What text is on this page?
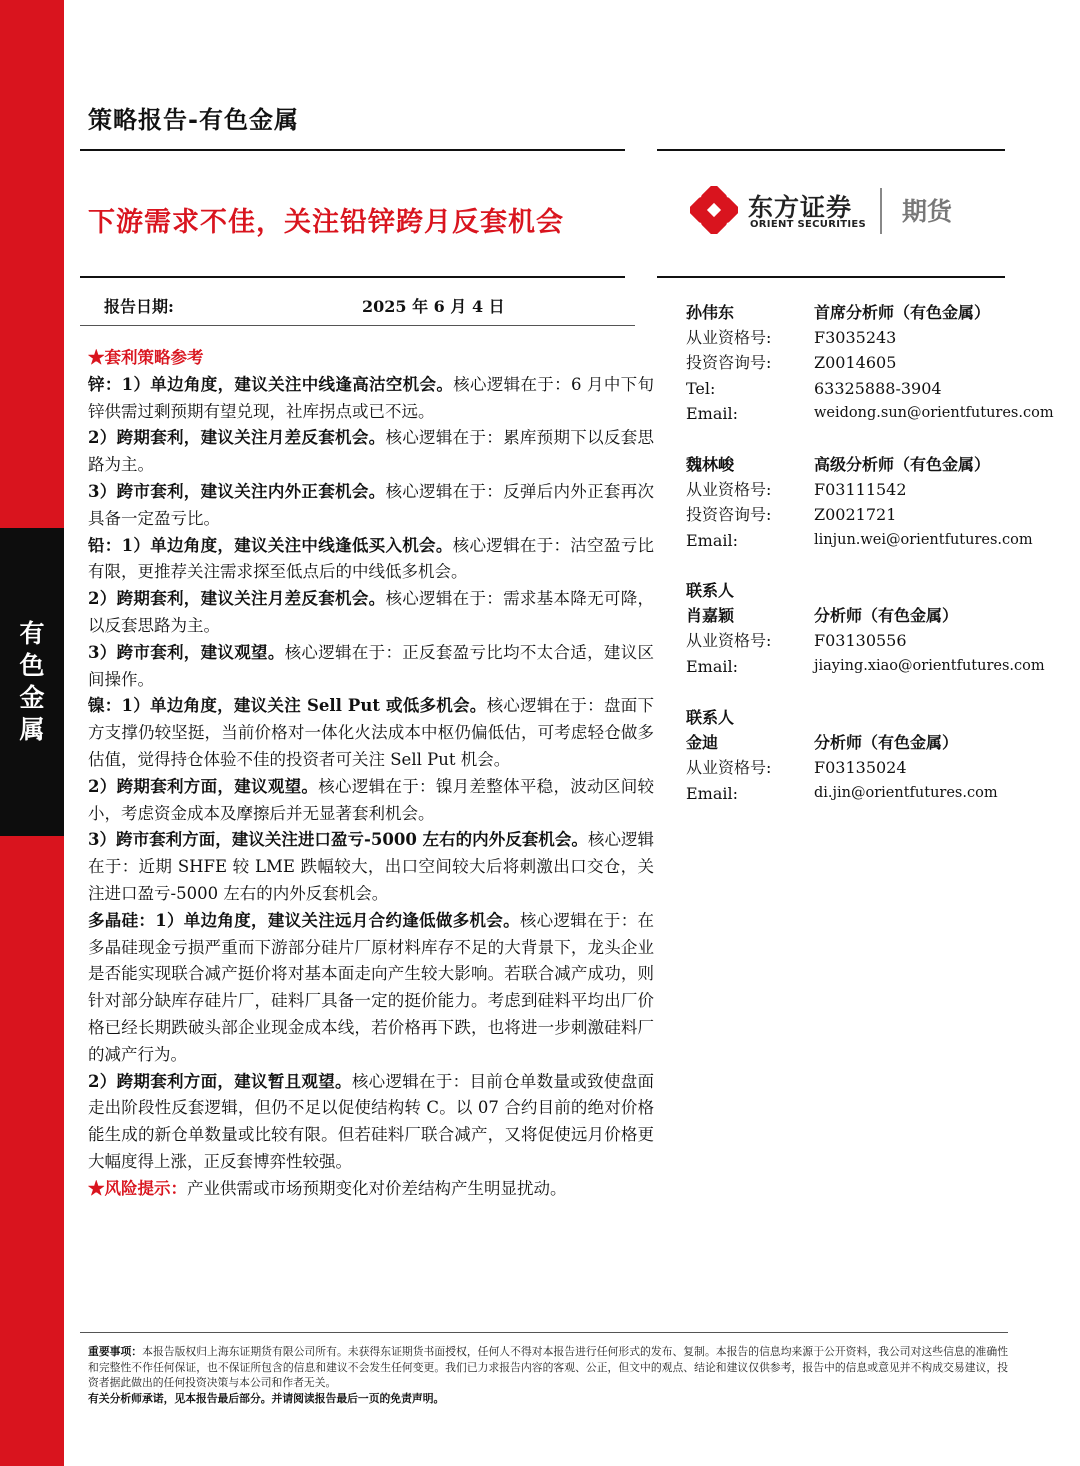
有
色
金
属
策略报告-有色金属
下游需求不佳，关注铅锌跨月反套机会	东方证券
ORIENT SECURITIES 期货
报告日期:	2025 年 6 月 4 日

★套利策略参考

锌：1）单边角度，建议关注中线逢高沽空机会。核心逻辑在于：6 月中下旬锌供需过剩预期有望兑现，社库拐点或已不远。

2）跨期套利，建议关注月差反套机会。核心逻辑在于：累库预期下以反套思路为主。

3）跨市套利，建议关注内外正套机会。核心逻辑在于：反弹后内外正套再次具备一定盈亏比。

铅：1）单边角度，建议关注中线逢低买入机会。核心逻辑在于：沽空盈亏比有限，更推荐关注需求探至低点后的中线低多机会。

2）跨期套利，建议关注月差反套机会。核心逻辑在于：需求基本降无可降，以反套思路为主。

3）跨市套利，建议观望。核心逻辑在于：正反套盈亏比均不太合适，建议区间操作。

镍：1）单边角度，建议关注 Sell Put 或低多机会。核心逻辑在于：盘面下方支撑仍较坚挺，当前价格对一体化火法成本中枢仍偏低估，可考虑轻仓做多估值，觉得持仓体验不佳的投资者可关注 Sell Put 机会。

2）跨期套利方面，建议观望。核心逻辑在于：镍月差整体平稳，波动区间较小，考虑资金成本及摩擦后并无显著套利机会。

3）跨市套利方面，建议关注进口盈亏-5000 左右的内外反套机会。核心逻辑在于：近期 SHFE 较 LME 跌幅较大，出口空间较大后将刺激出口交仓，关注进口盈亏-5000 左右的内外反套机会。

多晶硅：1）单边角度，建议关注远月合约逢低做多机会。核心逻辑在于：在多晶硅现金亏损严重而下游部分硅片厂原材料库存不足的大背景下，龙头企业是否能实现联合减产挺价将对基本面走向产生较大影响。若联合减产成功，则针对部分缺库存硅片厂，硅料厂具备一定的挺价能力。考虑到硅料平均出厂价格已经长期跌破头部企业现金成本线，若价格再下跌，也将进一步刺激硅料厂的减产行为。

2）跨期套利方面，建议暂且观望。核心逻辑在于：目前仓单数量或致使盘面走出阶段性反套逻辑，但仍不足以促使结构转 C。以 07 合约目前的绝对价格能生成的新仓单数量或比较有限。但若硅料厂联合减产，又将促使远月价格更大幅度得上涨，正反套博弈性较强。

★风险提示：产业供需或市场预期变化对价差结构产生明显扰动。

孙伟东	首席分析师（有色金属）
从业资格号:	F3035243
投资咨询号:	Z0014605
Tel:	63325888-3904
Email:	weidong.sun@orientfutures.com
魏林峻	高级分析师（有色金属）
从业资格号:	F03111542
投资咨询号:	Z0021721
Email:	linjun.wei@orientfutures.com
联系人
肖嘉颖	分析师（有色金属）
从业资格号:	F03130556
Email:	jiaying.xiao@orientfutures.com
联系人
金迪	分析师（有色金属）
从业资格号:	F03135024
Email:	di.jin@orientfutures.com
重要事项：本报告版权归上海东证期货有限公司所有。未获得东证期货书面授权，任何人不得对本报告进行任何形式的发布、复制。本报告的信息均来源于公开资料，我公司对这些信息的准确性和完整性不作任何保证，也不保证所包含的信息和建议不会发生任何变更。我们已力求报告内容的客观、公正，但文中的观点、结论和建议仅供参考，报告中的信息或意见并不构成交易建议，投资者据此做出的任何投资决策与本公司和作者无关。
有关分析师承诺，见本报告最后部分。并请阅读报告最后一页的免责声明。
